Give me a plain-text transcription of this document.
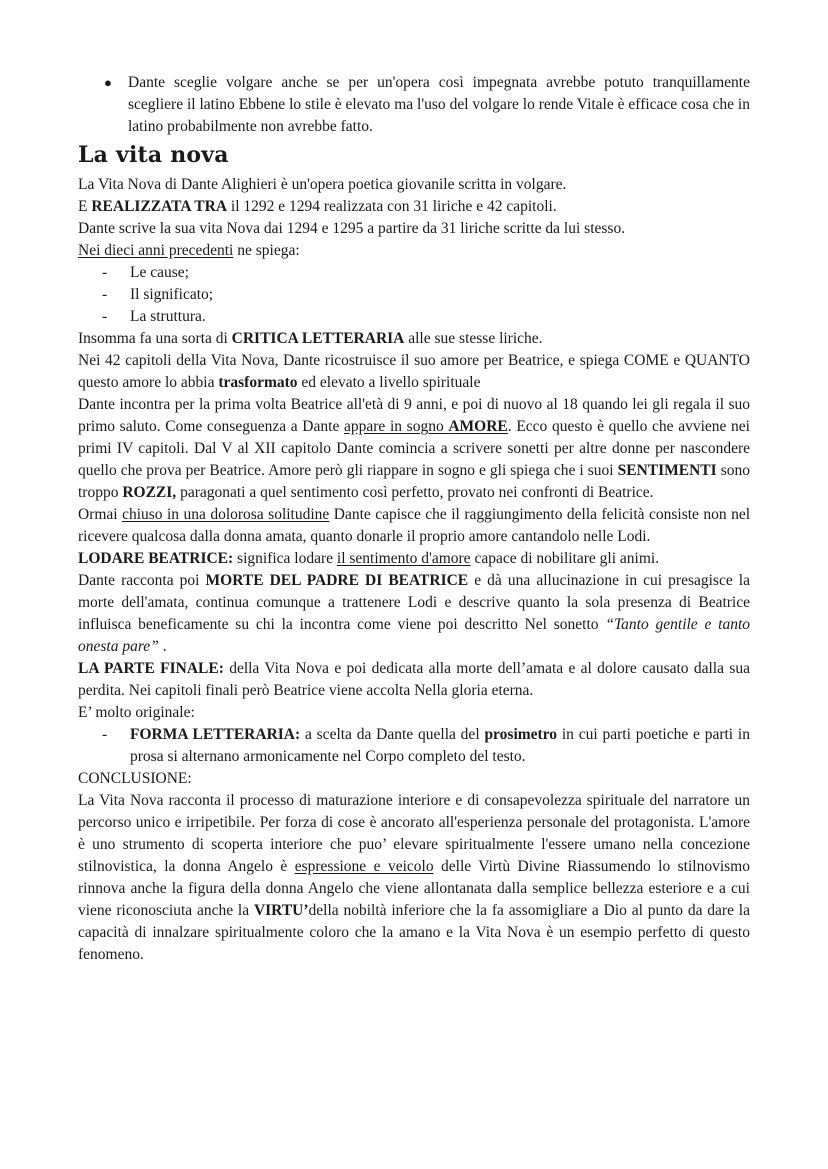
● Dante sceglie volgare anche se per un'opera così impegnata avrebbe potuto tranquillamente scegliere il latino Ebbene lo stile è elevato ma l'uso del volgare lo rende Vitale è efficace cosa che in latino probabilmente non avrebbe fatto.
La vita nova

La Vita Nova di Dante Alighieri è un'opera poetica giovanile scritta in volgare.

E REALIZZATA TRA il 1292 e 1294 realizzata con 31 liriche e 42 capitoli.

Dante scrive la sua vita Nova dai 1294 e 1295 a partire da 31 liriche scritte da lui stesso.

Nei dieci anni precedenti ne spiega:

- Le cause;
- Il significato;
- La struttura.

Insomma fa una sorta di CRITICA LETTERARIA alle sue stesse liriche.

Nei 42 capitoli della Vita Nova, Dante ricostruisce il suo amore per Beatrice, e spiega COME e QUANTO questo amore lo abbia trasformato ed elevato a livello spirituale

Dante incontra per la prima volta Beatrice all'età di 9 anni, e poi di nuovo al 18 quando lei gli regala il suo primo saluto. Come conseguenza a Dante appare in sogno AMORE. Ecco questo è quello che avviene nei primi IV capitoli. Dal V al XII capitolo Dante comincia a scrivere sonetti per altre donne per nascondere quello che prova per Beatrice. Amore però gli riappare in sogno e gli spiega che i suoi SENTIMENTI sono troppo ROZZI, paragonati a quel sentimento così perfetto, provato nei confronti di Beatrice.

Ormai chiuso in una dolorosa solitudine Dante capisce che il raggiungimento della felicità consiste non nel ricevere qualcosa dalla donna amata, quanto donarle il proprio amore cantandolo nelle Lodi.

LODARE BEATRICE: significa lodare il sentimento d'amore capace di nobilitare gli animi.

Dante racconta poi MORTE DEL PADRE DI BEATRICE e dà una allucinazione in cui presagisce la morte dell'amata, continua comunque a trattenere Lodi e descrive quanto la sola presenza di Beatrice influisca beneficamente su chi la incontra come viene poi descritto Nel sonetto “Tanto gentile e tanto onesta pare” .

LA PARTE FINALE: della Vita Nova e poi dedicata alla morte dell’amata e al dolore causato dalla sua perdita. Nei capitoli finali però Beatrice viene accolta Nella gloria eterna.

E’ molto originale:

- FORMA LETTERARIA: a scelta da Dante quella del prosimetro in cui parti poetiche e parti in prosa si alternano armonicamente nel Corpo completo del testo.

CONCLUSIONE:

La Vita Nova racconta il processo di maturazione interiore e di consapevolezza spirituale del narratore un percorso unico e irripetibile. Per forza di cose è ancorato all'esperienza personale del protagonista. L'amore è uno strumento di scoperta interiore che puo’ elevare spiritualmente l'essere umano nella concezione stilnovistica, la donna Angelo è espressione e veicolo delle Virtù Divine Riassumendo lo stilnovismo rinnova anche la figura della donna Angelo che viene allontanata dalla semplice bellezza esteriore e a cui viene riconosciuta anche la VIRTU’della nobiltà inferiore che la fa assomigliare a Dio al punto da dare la capacità di innalzare spiritualmente coloro che la amano e la Vita Nova è un esempio perfetto di questo fenomeno.
